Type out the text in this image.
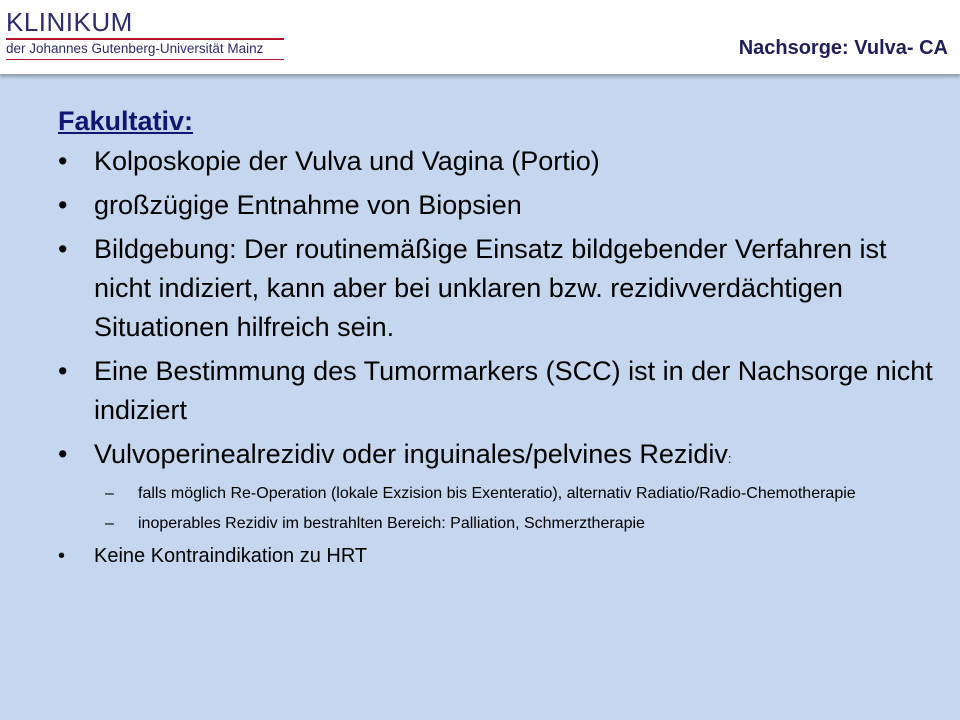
KLINIKUM
der Johannes Gutenberg-Universität Mainz	Nachsorge: Vulva- CA
Fakultativ:
• Kolposkopie der Vulva und Vagina (Portio)
• großzügige Entnahme von Biopsien
• Bildgebung: Der routinemäßige Einsatz bildgebender Verfahren ist nicht indiziert, kann aber bei unklaren bzw. rezidivverdächtigen Situationen hilfreich sein.
• Eine Bestimmung des Tumormarkers (SCC) ist in der Nachsorge nicht indiziert
• Vulvoperinealrezidiv oder inguinales/pelvines Rezidiv:
– falls möglich Re-Operation (lokale Exzision bis Exenteratio), alternativ Radiatio/Radio-Chemotherapie
– inoperables Rezidiv im bestrahlten Bereich: Palliation, Schmerztherapie
• Keine Kontraindikation zu HRT
